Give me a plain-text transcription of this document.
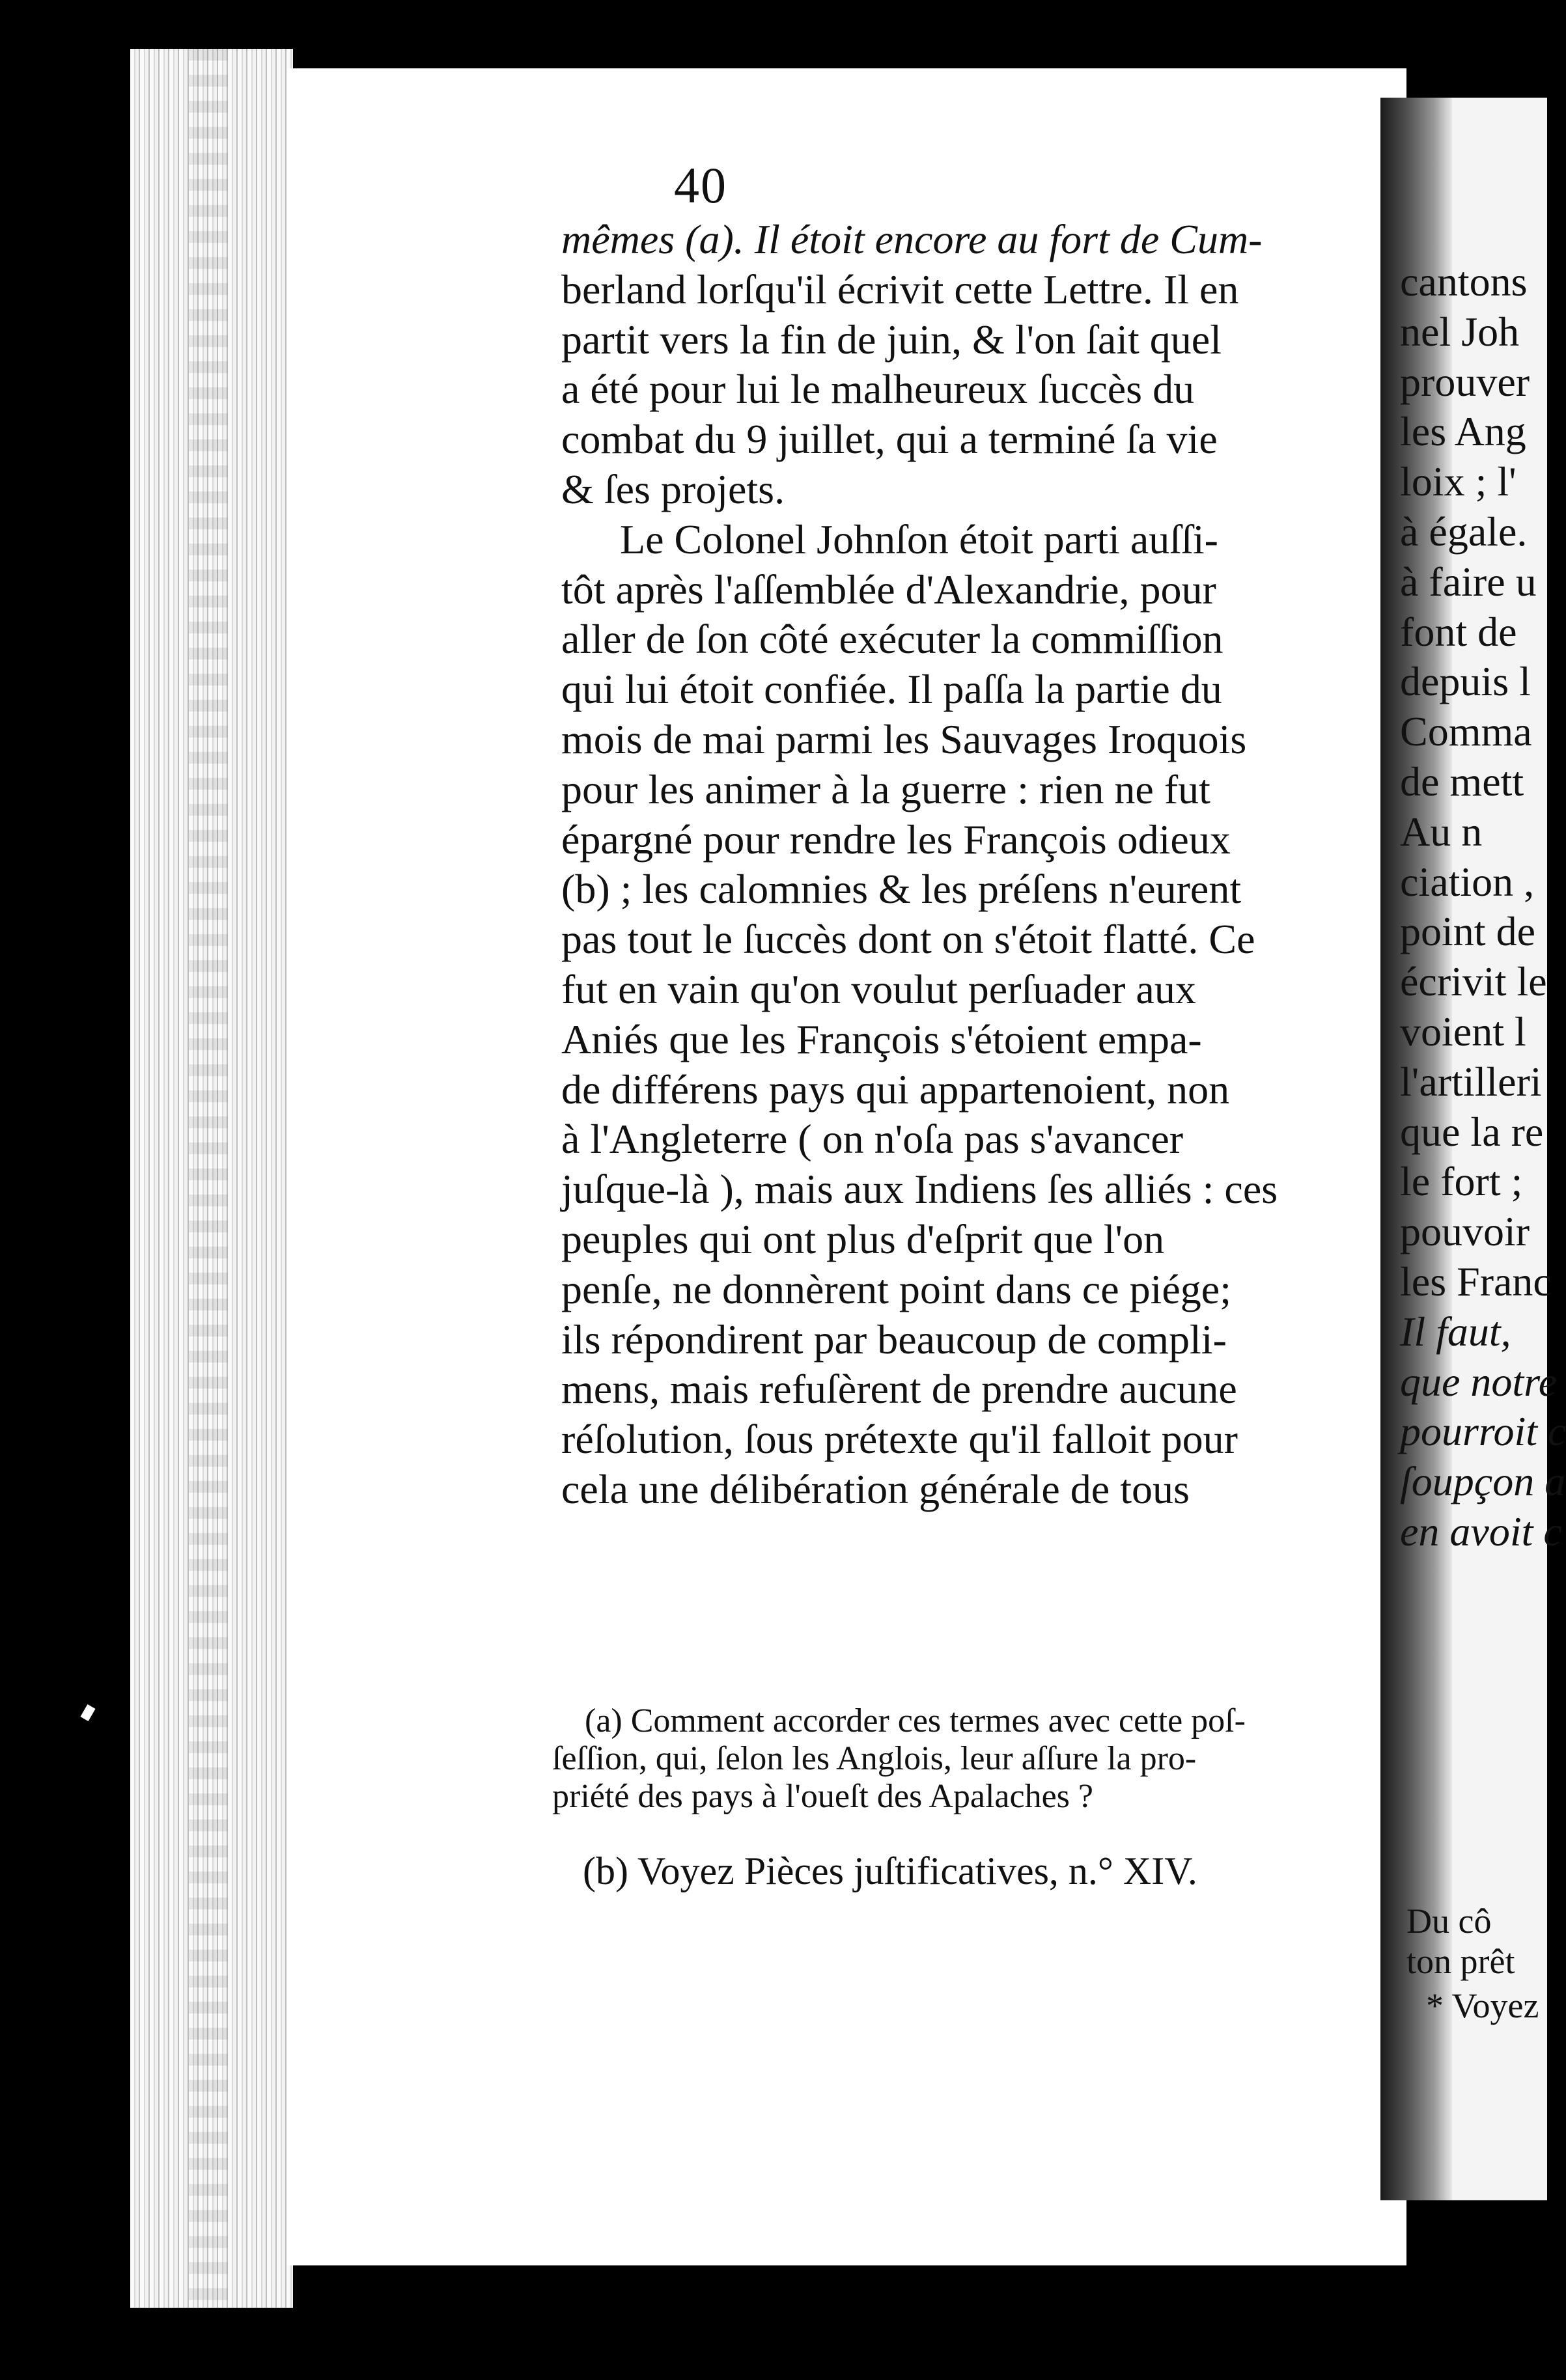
40
mêmes (a). Il étoit encore au fort de Cum-
berland lorſqu'il écrivit cette Lettre. Il en
partit vers la fin de juin, & l'on ſait quel
a été pour lui le malheureux ſuccès du
combat du 9 juillet, qui a terminé ſa vie
& ſes projets.
Le Colonel Johnſon étoit parti auſſi-
tôt après l'aſſemblée d'Alexandrie, pour
aller de ſon côté exécuter la commiſſion
qui lui étoit confiée. Il paſſa la partie du
mois de mai parmi les Sauvages Iroquois
pour les animer à la guerre : rien ne fut
épargné pour rendre les François odieux
(b) ; les calomnies & les préſens n'eurent
pas tout le ſuccès dont on s'étoit flatté. Ce
fut en vain qu'on voulut perſuader aux
Aniés que les François s'étoient empa-
de différens pays qui appartenoient, non
à l'Angleterre ( on n'oſa pas s'avancer
juſque-là ), mais aux Indiens ſes alliés : ces
peuples qui ont plus d'eſprit que l'on
penſe, ne donnèrent point dans ce piége;
ils répondirent par beaucoup de compli-
mens, mais refuſèrent de prendre aucune
réſolution, ſous prétexte qu'il falloit pour
cela une délibération générale de tous
(a) Comment accorder ces termes avec cette poſ-
ſeſſion, qui, ſelon les Anglois, leur aſſure la pro-
priété des pays à l'oueſt des Apalaches ?
(b) Voyez Pièces juſtificatives, n.° XIV.
cantons
nel Joh
prouver
les Ang
loix ; l'
à égale.
à faire u
font de
depuis l
Comma
de mett
Au n
ciation ,
point de
écrivit le
voient l
l'artilleri
que la re
le fort ;
pouvoir
les Franc
Il faut,
que notre
pourroit c
ſoupçon a
en avoit c
Du cô
ton prêt
* Voyez
